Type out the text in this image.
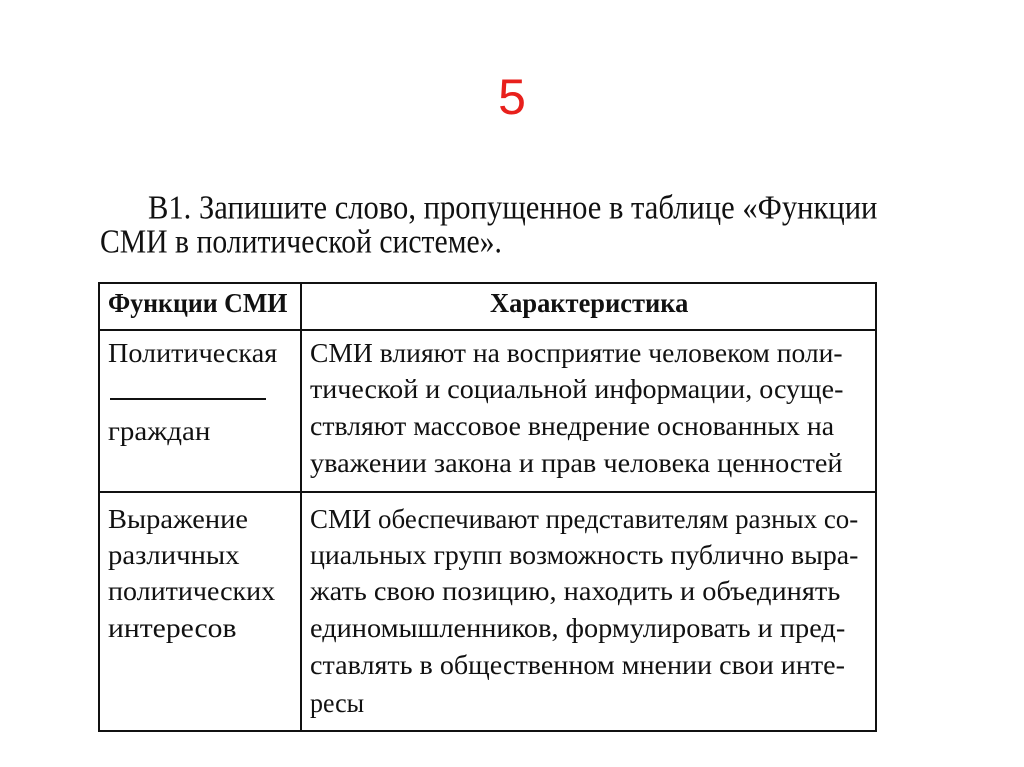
5
В1. Запишите слово, пропущенное в таблице «Функции
СМИ в политической системе».
Функции СМИ	Характеристика
Политическая
граждан
СМИ влияют на восприятие человеком поли-
тической и социальной информации, осуще-
ствляют массовое внедрение основанных на
уважении закона и прав человека ценностей
Выражение
различных
политических
интересов
СМИ обеспечивают представителям разных со-
циальных групп возможность публично выра-
жать свою позицию, находить и объединять
единомышленников, формулировать и пред-
ставлять в общественном мнении свои инте-
ресы
